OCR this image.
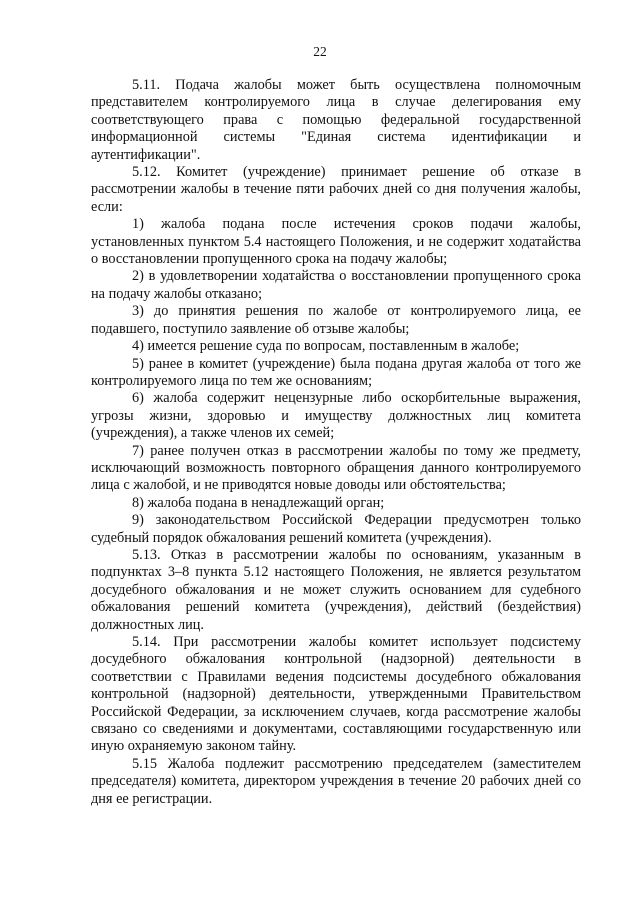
22

5.11. Подача жалобы может быть осуществлена полномочным представителем контролируемого лица в случае делегирования ему соответствующего права с помощью федеральной государственной информационной системы "Единая система идентификации и аутентификации".

5.12. Комитет (учреждение) принимает решение об отказе в рассмотрении жалобы в течение пяти рабочих дней со дня получения жалобы, если:

1) жалоба подана после истечения сроков подачи жалобы, установленных пунктом 5.4 настоящего Положения, и не содержит ходатайства о восстановлении пропущенного срока на подачу жалобы;

2) в удовлетворении ходатайства о восстановлении пропущенного срока на подачу жалобы отказано;

3) до принятия решения по жалобе от контролируемого лица, ее подавшего, поступило заявление об отзыве жалобы;

4) имеется решение суда по вопросам, поставленным в жалобе;

5) ранее в комитет (учреждение) была подана другая жалоба от того же контролируемого лица по тем же основаниям;

6) жалоба содержит нецензурные либо оскорбительные выражения, угрозы жизни, здоровью и имуществу должностных лиц комитета (учреждения), а также членов их семей;

7) ранее получен отказ в рассмотрении жалобы по тому же предмету, исключающий возможность повторного обращения данного контролируемого лица с жалобой, и не приводятся новые доводы или обстоятельства;

8) жалоба подана в ненадлежащий орган;

9) законодательством Российской Федерации предусмотрен только судебный порядок обжалования решений комитета (учреждения).

5.13. Отказ в рассмотрении жалобы по основаниям, указанным в подпунктах 3–8 пункта 5.12 настоящего Положения, не является результатом досудебного обжалования и не может служить основанием для судебного обжалования решений комитета (учреждения), действий (бездействия) должностных лиц.

5.14. При рассмотрении жалобы комитет использует подсистему досудебного обжалования контрольной (надзорной) деятельности в соответствии с Правилами ведения подсистемы досудебного обжалования контрольной (надзорной) деятельности, утвержденными Правительством Российской Федерации, за исключением случаев, когда рассмотрение жалобы связано со сведениями и документами, составляющими государственную или иную охраняемую законом тайну.

5.15 Жалоба подлежит рассмотрению председателем (заместителем председателя) комитета, директором учреждения в течение 20 рабочих дней со дня ее регистрации.
